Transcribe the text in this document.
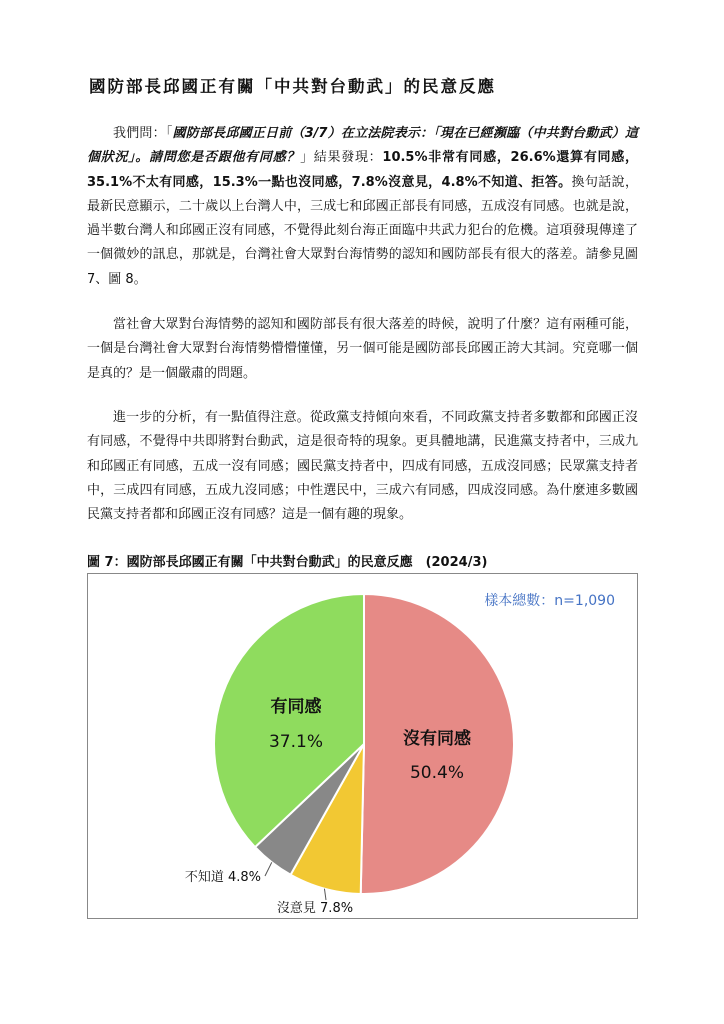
國防部長邱國正有關「中共對台動武」的民意反應

我們問：「國防部長邱國正日前（3/7）在立法院表示：「現在已經瀕臨（中共對台動武）這個狀況」。請問您是否跟他有同感？」結果發現：10.5%非常有同感，26.6%還算有同感，35.1%不太有同感，15.3%一點也沒同感，7.8%沒意見，4.8%不知道、拒答。換句話說，最新民意顯示，二十歲以上台灣人中，三成七和邱國正部長有同感，五成沒有同感。也就是說，過半數台灣人和邱國正沒有同感，不覺得此刻台海正面臨中共武力犯台的危機。這項發現傳達了一個微妙的訊息，那就是，台灣社會大眾對台海情勢的認知和國防部長有很大的落差。請參見圖 7、圖 8。

當社會大眾對台海情勢的認知和國防部長有很大落差的時候，說明了什麼？這有兩種可能，一個是台灣社會大眾對台海情勢懵懵懂懂，另一個可能是國防部長邱國正誇大其詞。究竟哪一個是真的？是一個嚴肅的問題。

進一步的分析，有一點值得注意。從政黨支持傾向來看，不同政黨支持者多數都和邱國正沒有同感，不覺得中共即將對台動武，這是很奇特的現象。更具體地講，民進黨支持者中，三成九和邱國正有同感，五成一沒有同感；國民黨支持者中，四成有同感，五成沒同感；民眾黨支持者中，三成四有同感，五成九沒同感；中性選民中，三成六有同感，四成沒同感。為什麼連多數國民黨支持者都和邱國正沒有同感？這是一個有趣的現象。

圖 7：國防部長邱國正有關「中共對台動武」的民意反應　(2024/3)
樣本總數：n=1,090
沒有同感
50.4%
有同感
37.1%
沒意見 7.8%
不知道 4.8%
